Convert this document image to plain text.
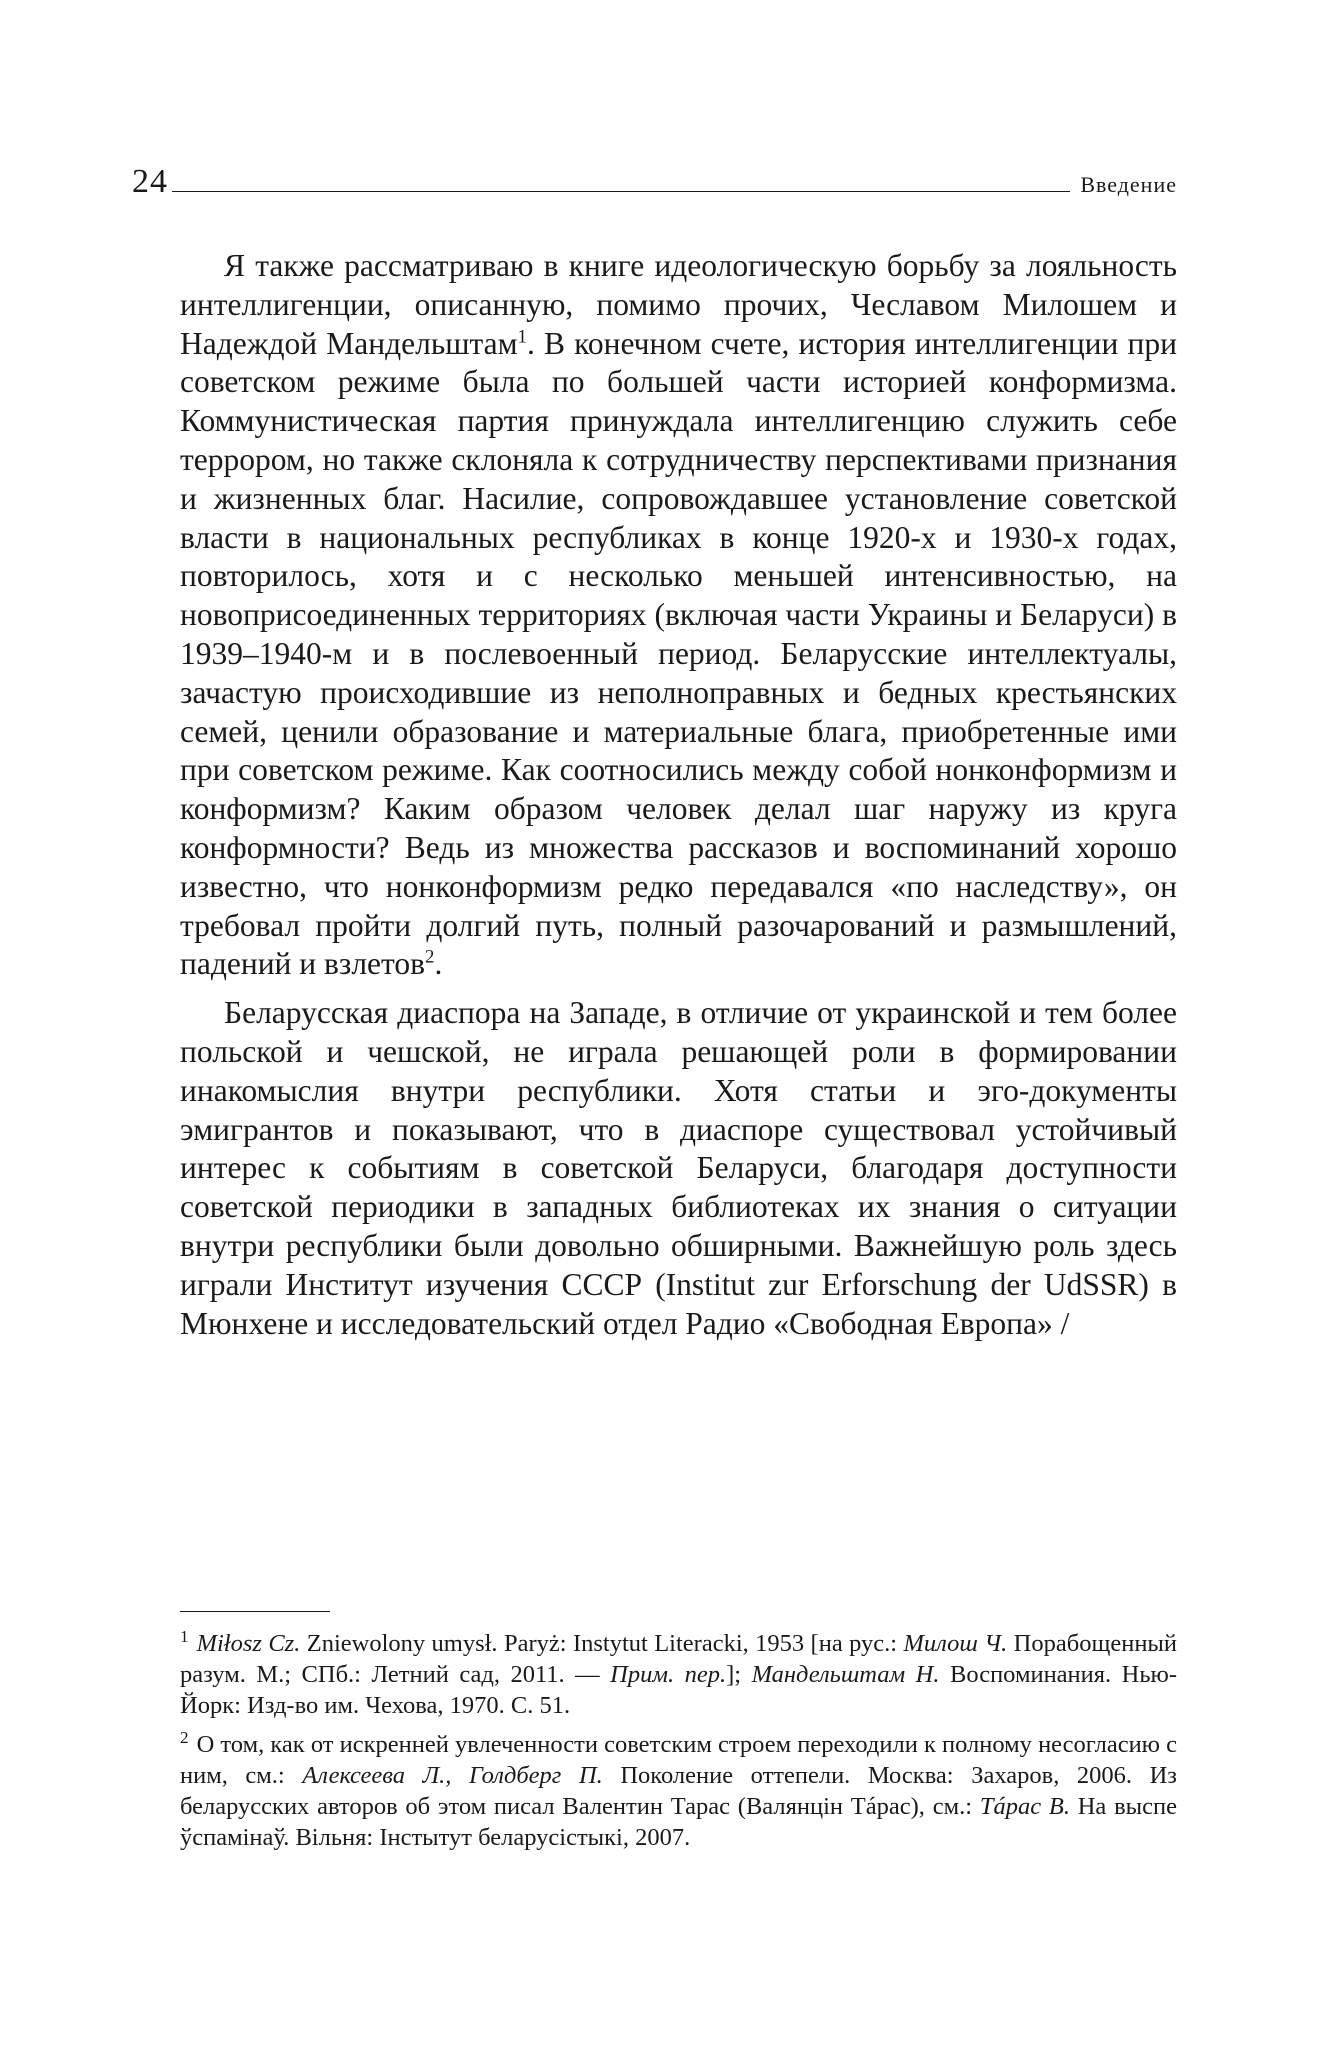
24	Введение

Я также рассматриваю в книге идеологическую борьбу за лояльность интеллигенции, описанную, помимо прочих, Чеславом Милошем и Надеждой Мандельштам$^1$. В конечном счете, история интеллигенции при советском режиме была по большей части историей конформизма. Коммунистическая партия принуждала интеллигенцию служить себе террором, но также склоняла к сотрудничеству перспективами признания и жизненных благ. Насилие, сопровождавшее установление советской власти в национальных республиках в конце 1920-х и 1930-х годах, повторилось, хотя и с несколько меньшей интенсивностью, на новоприсоединенных территориях (включая части Украины и Беларуси) в 1939–1940-м и в послевоенный период. Беларусские интеллектуалы, зачастую происходившие из неполноправных и бедных крестьянских семей, ценили образование и материальные блага, приобретенные ими при советском режиме. Как соотносились между собой нонконформизм и конформизм? Каким образом человек делал шаг наружу из круга конформности? Ведь из множества рассказов и воспоминаний хорошо известно, что нонконформизм редко передавался «по наследству», он требовал пройти долгий путь, полный разочарований и размышлений, падений и взлетов$^2$.

Беларусская диаспора на Западе, в отличие от украинской и тем более польской и чешской, не играла решающей роли в формировании инакомыслия внутри республики. Хотя статьи и эго-документы эмигрантов и показывают, что в диаспоре существовал устойчивый интерес к событиям в советской Беларуси, благодаря доступности советской периодики в западных библиотеках их знания о ситуации внутри республики были довольно обширными. Важнейшую роль здесь играли Институт изучения СССР (Institut zur Erforschung der UdSSR) в Мюнхене и исследовательский отдел Радио «Свободная Европа» /

$^1$ Miłosz Cz. Zniewolony umysł. Paryż: Instytut Literacki, 1953 [на рус.: Милош Ч. Порабощенный разум. М.; СПб.: Летний сад, 2011. — Прим. пер.]; Мандельштам Н. Воспоминания. Нью-Йорк: Изд-во им. Чехова, 1970. С. 51.

$^2$ О том, как от искренней увлеченности советским строем переходили к полному несогласию с ним, см.: Алексеева Л., Голдберг П. Поколение оттепели. Москва: Захаров, 2006. Из беларусских авторов об этом писал Валентин Тарас (Валянцін Тáрас), см.: Тáрас В. На выспе ўспамінаў. Вільня: Інстытут беларусістыкі, 2007.
